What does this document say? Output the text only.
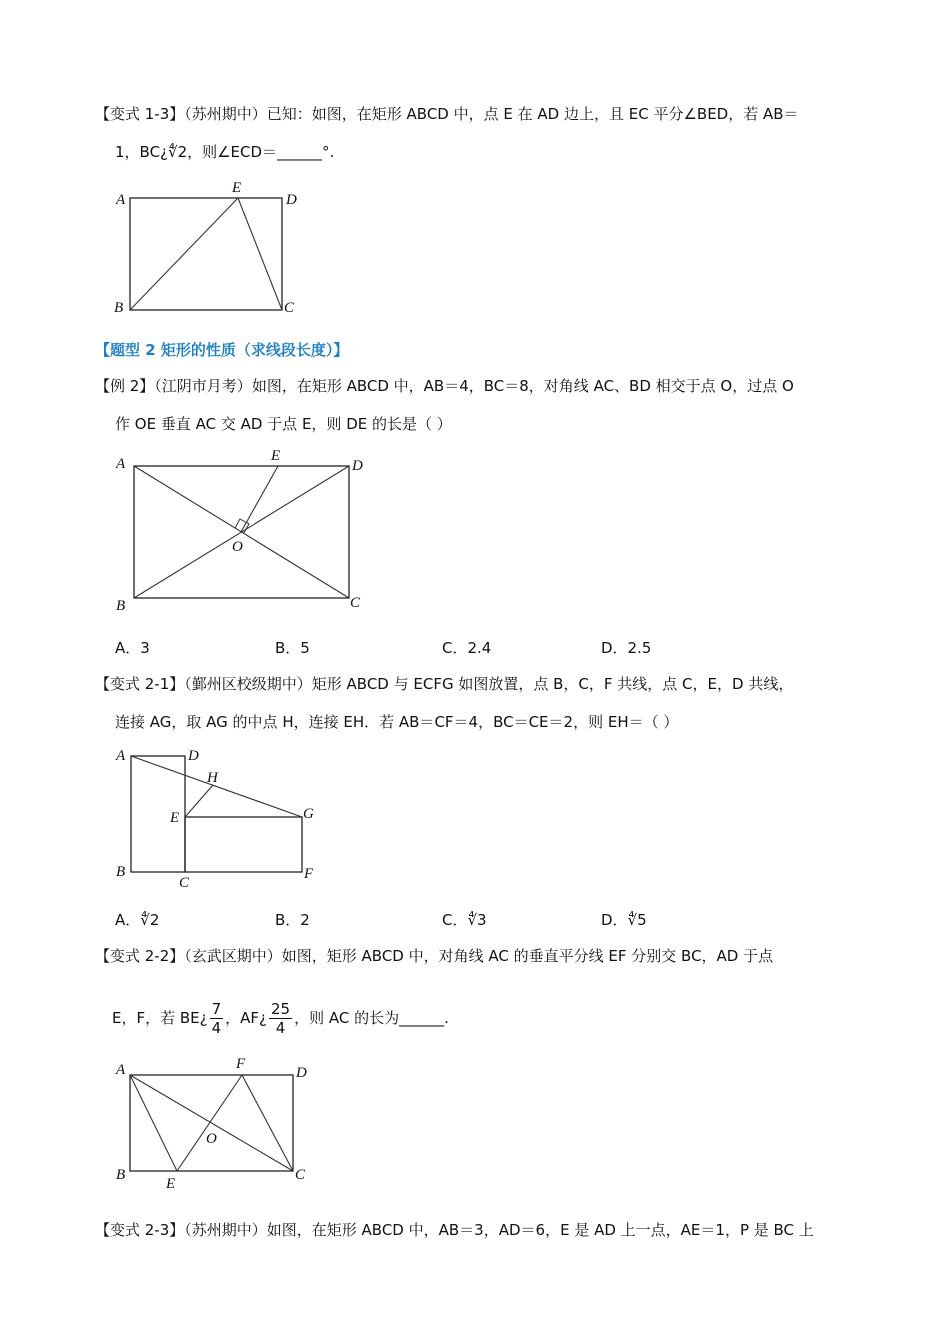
【变式 1-3】（苏州期中）已知：如图，在矩形 ABCD 中，点 E 在 AD 边上，且 EC 平分∠BED，若 AB＝
1，BC¿∜2，则∠ECD＝______°.
A
E
D
B	C
【题型 2 矩形的性质（求线段长度）】
【例 2】（江阴市月考）如图，在矩形 ABCD 中，AB＝4，BC＝8，对角线 AC、BD 相交于点 O，过点 O
作 OE 垂直 AC 交 AD 于点 E，则 DE 的长是（ ）
A	E
D
O
B	C
A．3	B．5	C．2.4	D．2.5
【变式 2-1】（鄞州区校级期中）矩形 ABCD 与 ECFG 如图放置，点 B，C，F 共线，点 C，E，D 共线，
连接 AG，取 AG 的中点 H，连接 EH．若 AB＝CF＝4，BC＝CE＝2，则 EH＝（ ）
A	D
H
G
E
B
C
F
A．∜2	B．2	C．∜3	D．∜5
【变式 2-2】（玄武区期中）如图，矩形 ABCD 中，对角线 AC 的垂直平分线 EF 分别交 BC，AD 于点
E，F，若 BE¿ $\frac{7}{4}$ ，AF¿ $\frac{25}{4}$ ，则 AC 的长为______.
A	F
D
O
B
E
C
【变式 2-3】（苏州期中）如图，在矩形 ABCD 中，AB＝3，AD＝6，E 是 AD 上一点，AE＝1，P 是 BC 上
